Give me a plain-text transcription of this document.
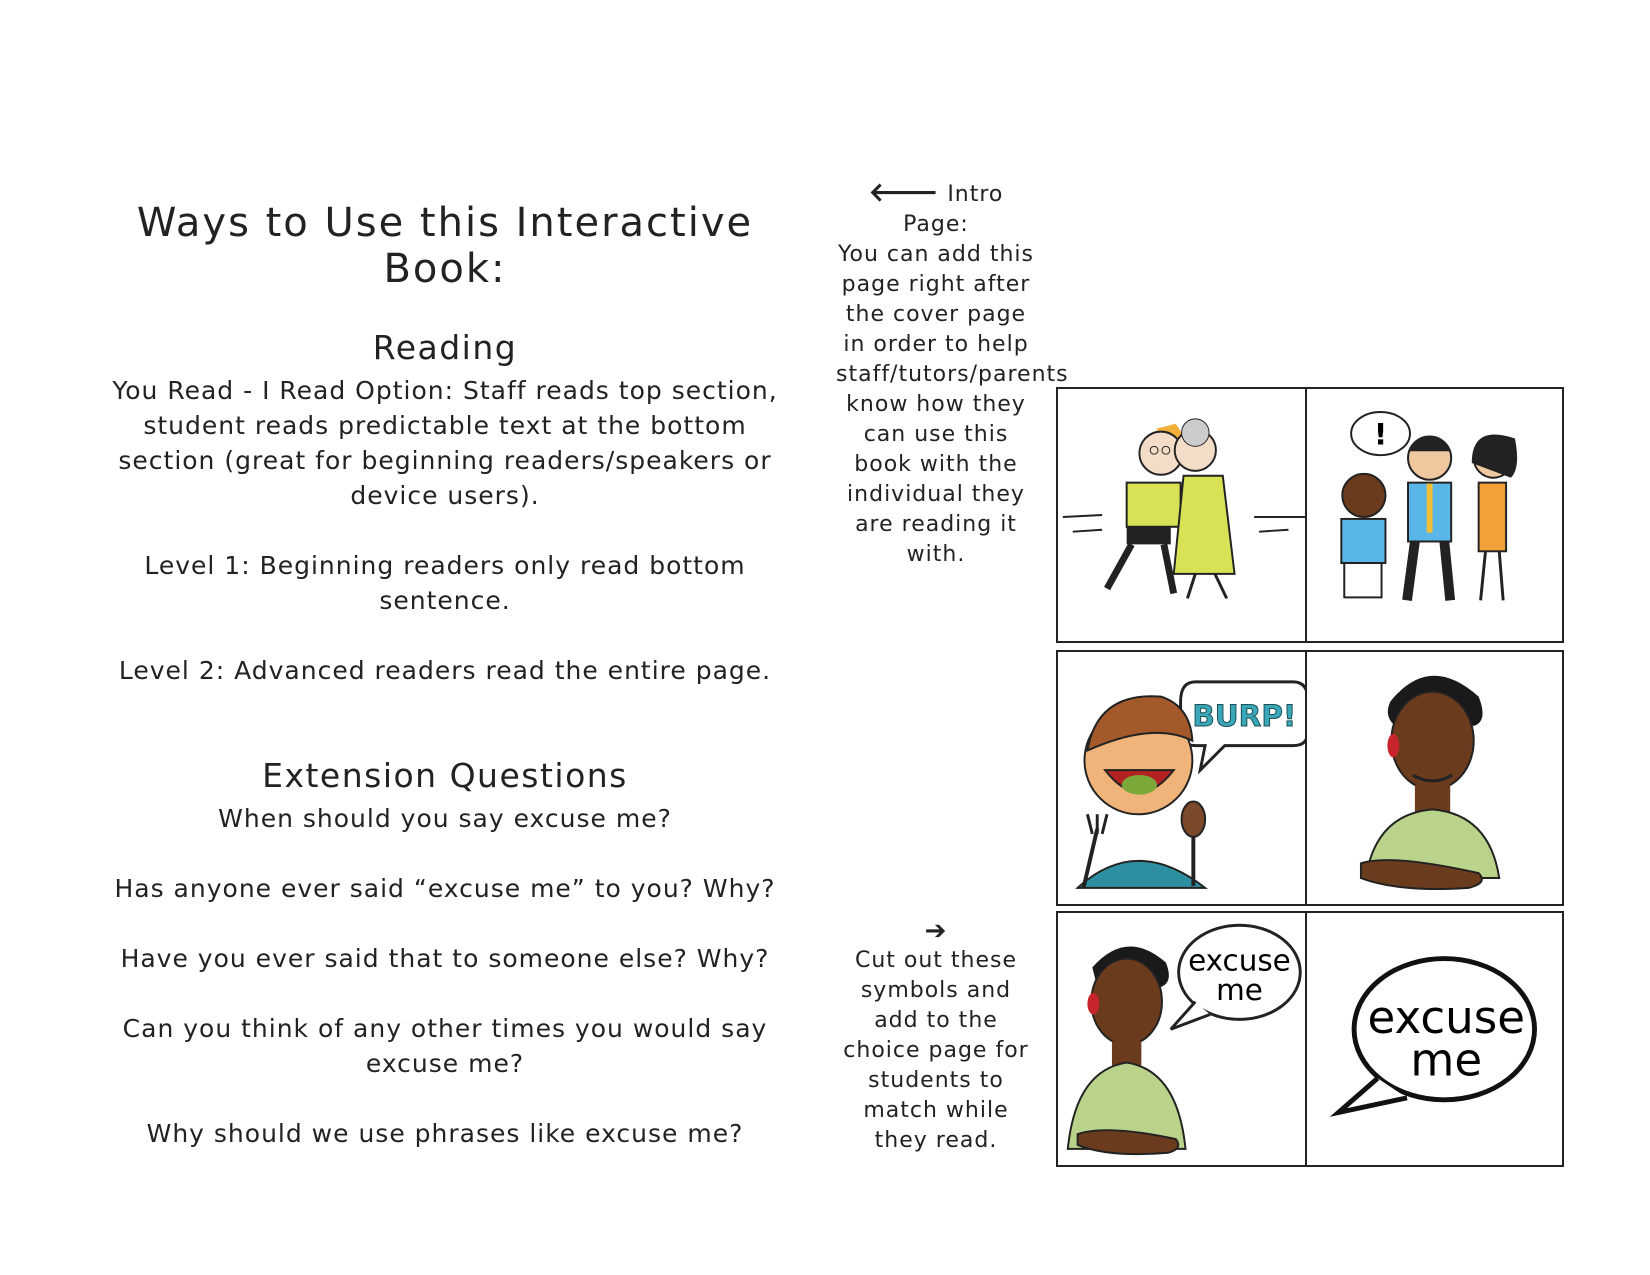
Ways to Use this Interactive Book:
Reading

You Read - I Read Option: Staff reads top section, student reads predictable text at the bottom section (great for beginning readers/speakers or device users).

Level 1: Beginning readers only read bottom sentence.

Level 2: Advanced readers read the entire page.

Extension Questions

When should you say excuse me?

Has anyone ever said “excuse me” to you? Why?

Have you ever said that to someone else? Why?

Can you think of any other times you would say excuse me?

Why should we use phrases like excuse me?

🡐 Intro Page:
You can add this page right after the cover page in order to help staff/tutors/parents know how they can use this book with the individual they are reading it with.
➔
Cut out these symbols and add to the choice page for students to match while they read.
!
BURP!
excuse
me
excuse
me
